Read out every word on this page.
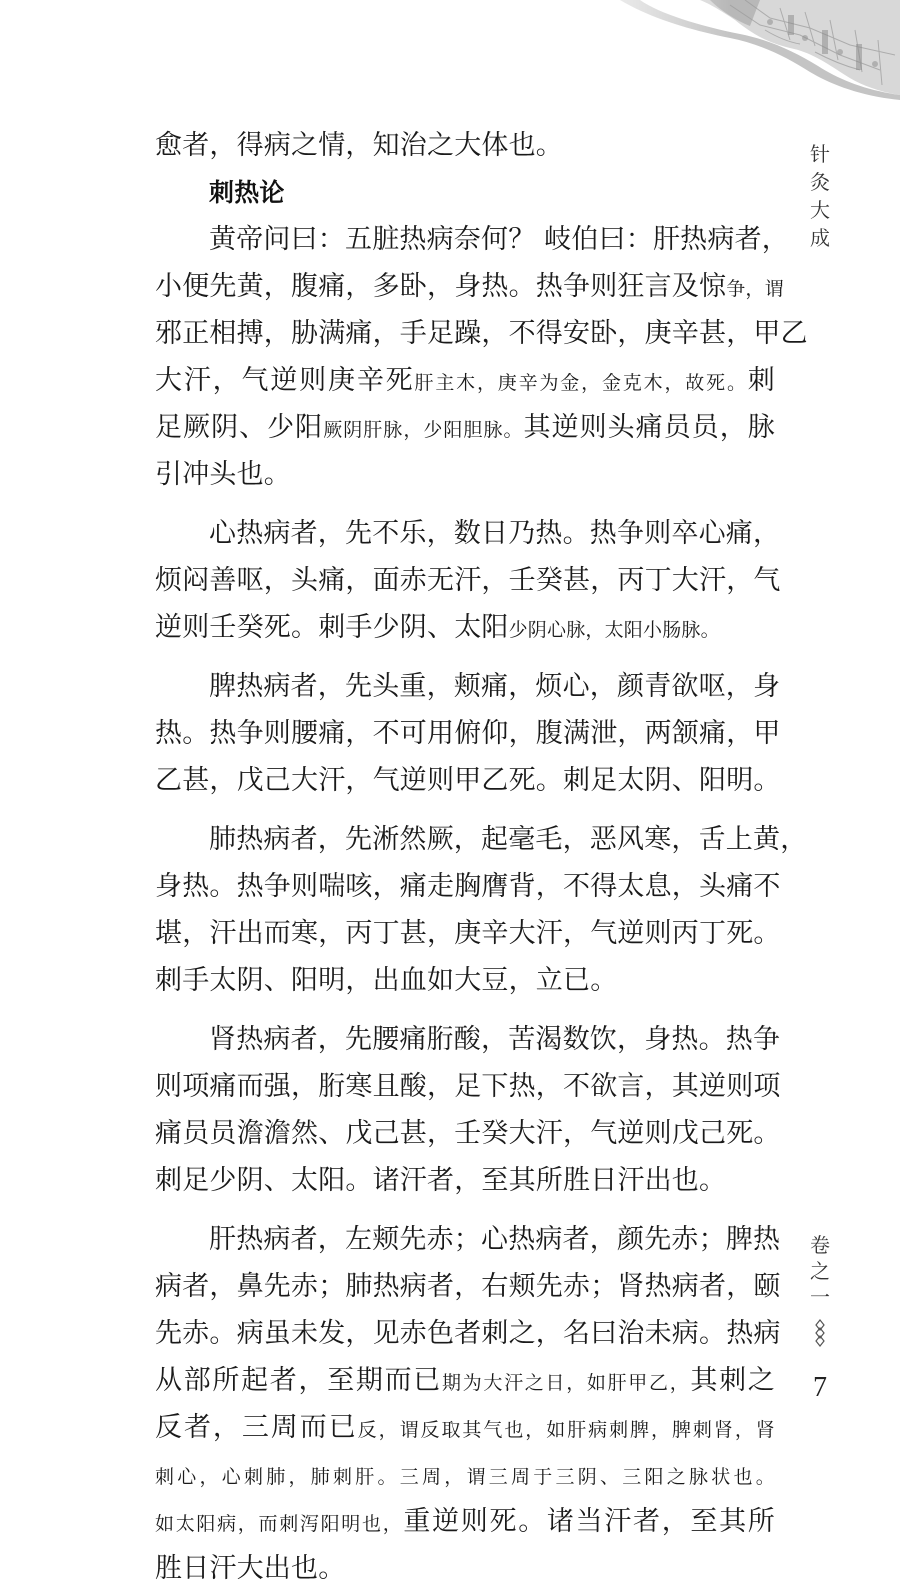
针
灸
大
成
卷
之
一
7
愈者，得病之情，知治之大体也。
刺热论
黄帝问曰：五脏热病奈何？ 岐伯曰：肝热病者，
小便先黄，腹痛，多卧，身热。热争则狂言及惊争，谓
邪正相搏，胁满痛，手足躁，不得安卧，庚辛甚，甲乙
大汗，气逆则庚辛死肝主木，庚辛为金，金克木，故死。刺
足厥阴、少阳厥阴肝脉，少阳胆脉。其逆则头痛员员，脉
引冲头也。
心热病者，先不乐，数日乃热。热争则卒心痛，
烦闷善呕，头痛，面赤无汗，壬癸甚，丙丁大汗，气
逆则壬癸死。刺手少阴、太阳少阴心脉，太阳小肠脉。
脾热病者，先头重，颊痛，烦心，颜青欲呕，身
热。热争则腰痛，不可用俯仰，腹满泄，两颔痛，甲
乙甚，戊己大汗，气逆则甲乙死。刺足太阴、阳明。
肺热病者，先淅然厥，起毫毛，恶风寒，舌上黄，
身热。热争则喘咳，痛走胸膺背，不得太息，头痛不
堪，汗出而寒，丙丁甚，庚辛大汗，气逆则丙丁死。
刺手太阴、阳明，出血如大豆，立已。
肾热病者，先腰痛胻酸，苦渴数饮，身热。热争
则项痛而强，胻寒且酸，足下热，不欲言，其逆则项
痛员员澹澹然、戊己甚，壬癸大汗，气逆则戊己死。
刺足少阴、太阳。诸汗者，至其所胜日汗出也。
肝热病者，左颊先赤；心热病者，颜先赤；脾热
病者，鼻先赤；肺热病者，右颊先赤；肾热病者，颐
先赤。病虽未发，见赤色者刺之，名曰治未病。热病
从部所起者，至期而已期为大汗之日，如肝甲乙，其刺之
反者，三周而已反，谓反取其气也，如肝病刺脾，脾刺肾，肾
刺心，心刺肺，肺刺肝。三周，谓三周于三阴、三阳之脉状也。
如太阳病，而刺泻阳明也，重逆则死。诸当汗者，至其所
胜日汗大出也。
